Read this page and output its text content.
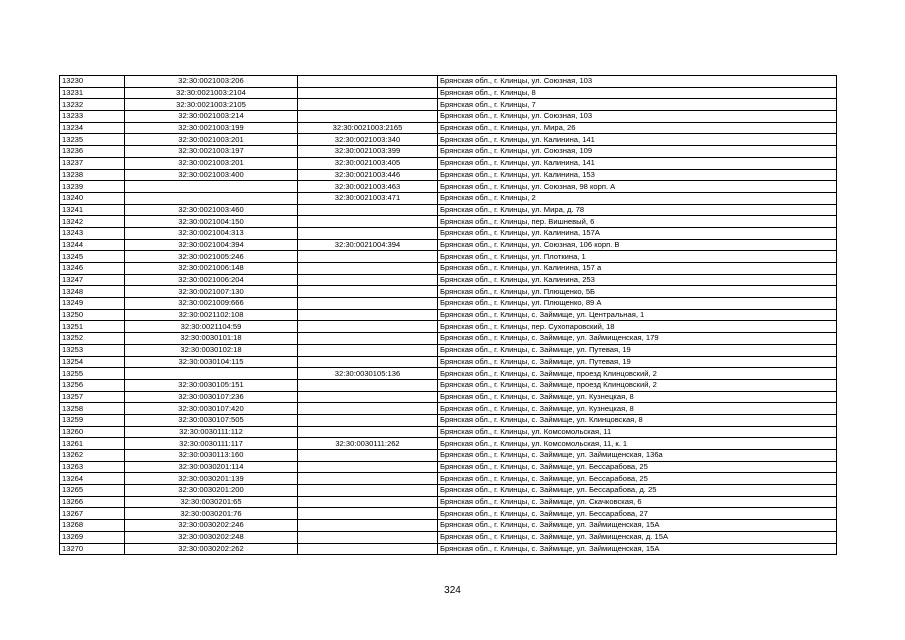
13230	32:30:0021003:206		Брянская обл., г. Клинцы, ул. Союзная, 103
13231	32:30:0021003:2104		Брянская обл., г. Клинцы, 8
13232	32:30:0021003:2105		Брянская обл., г. Клинцы, 7
13233	32:30:0021003:214		Брянская обл., г. Клинцы, ул. Союзная, 103
13234	32:30:0021003:199	32:30:0021003:2165	Брянская обл., г. Клинцы, ул. Мира, 26
13235	32:30:0021003:201	32:30:0021003:340	Брянская обл., г. Клинцы, ул. Калинина, 141
13236	32:30:0021003:197	32:30:0021003:399	Брянская обл., г. Клинцы, ул. Союзная, 109
13237	32:30:0021003:201	32:30:0021003:405	Брянская обл., г. Клинцы, ул. Калинина, 141
13238	32:30:0021003:400	32:30:0021003:446	Брянская обл., г. Клинцы, ул. Калинина, 153
13239		32:30:0021003:463	Брянская обл., г. Клинцы, ул. Союзная, 98 корп. А
13240		32:30:0021003:471	Брянская обл., г. Клинцы, 2
13241	32:30:0021003:460		Брянская обл., г. Клинцы, ул. Мира, д. 78
13242	32:30:0021004:150		Брянская обл., г. Клинцы, пер. Вишневый, 6
13243	32:30:0021004:313		Брянская обл., г. Клинцы, ул. Калинина, 157А
13244	32:30:0021004:394	32:30:0021004:394	Брянская обл., г. Клинцы, ул. Союзная, 106 корп. В
13245	32:30:0021005:246		Брянская обл., г. Клинцы, ул. Плоткина, 1
13246	32:30:0021006:148		Брянская обл., г. Клинцы, ул. Калинина, 157 а
13247	32:30:0021006:204		Брянская обл., г. Клинцы, ул. Калинина, 253
13248	32:30:0021007:130		Брянская обл., г. Клинцы, ул. Плющенко, 5Б
13249	32:30:0021009:666		Брянская обл., г. Клинцы, ул. Плющенко, 89 А
13250	32:30:0021102:108		Брянская обл., г. Клинцы, с. Займище, ул. Центральная, 1
13251	32:30:0021104:59		Брянская обл., г. Клинцы, пер. Сухопаровский, 18
13252	32:30:0030101:18		Брянская обл., г. Клинцы, с. Займище, ул. Займищенская, 179
13253	32:30:0030102:18		Брянская обл., г. Клинцы, с. Займище, ул. Путевая, 19
13254	32:30:0030104:115		Брянская обл., г. Клинцы, с. Займище, ул. Путевая, 19
13255		32:30:0030105:136	Брянская обл., г. Клинцы, с. Займище, проезд Клинцовский, 2
13256	32:30:0030105:151		Брянская обл., г. Клинцы, с. Займище, проезд Клинцовский, 2
13257	32:30:0030107:236		Брянская обл., г. Клинцы, с. Займище, ул. Кузнецкая, 8
13258	32:30:0030107:420		Брянская обл., г. Клинцы, с. Займище, ул. Кузнецкая, 8
13259	32:30:0030107:505		Брянская обл., г. Клинцы, с. Займище, ул. Клинцовская, 8
13260	32:30:0030111:112		Брянская обл., г. Клинцы, ул. Комсомольская, 11
13261	32:30:0030111:117	32:30:0030111:262	Брянская обл., г. Клинцы, ул. Комсомольская, 11, к. 1
13262	32:30:0030113:160		Брянская обл., г. Клинцы, с. Займище, ул. Займищенская, 136а
13263	32:30:0030201:114		Брянская обл., г. Клинцы, с. Займище, ул. Бессарабова, 25
13264	32:30:0030201:139		Брянская обл., г. Клинцы, с. Займище, ул. Бессарабова, 25
13265	32:30:0030201:200		Брянская обл., г. Клинцы, с. Займище, ул. Бессарабова, д. 25
13266	32:30:0030201:65		Брянская обл., г. Клинцы, с. Займище, ул. Скачковская, 6
13267	32:30:0030201:76		Брянская обл., г. Клинцы, с. Займище, ул. Бессарабова, 27
13268	32:30:0030202:246		Брянская обл., г. Клинцы, с. Займище, ул. Займищенская, 15А
13269	32:30:0030202:248		Брянская обл., г. Клинцы, с. Займище, ул. Займищенская, д. 15А
13270	32:30:0030202:262		Брянская обл., г. Клинцы, с. Займище, ул. Займищенская, 15А
324
